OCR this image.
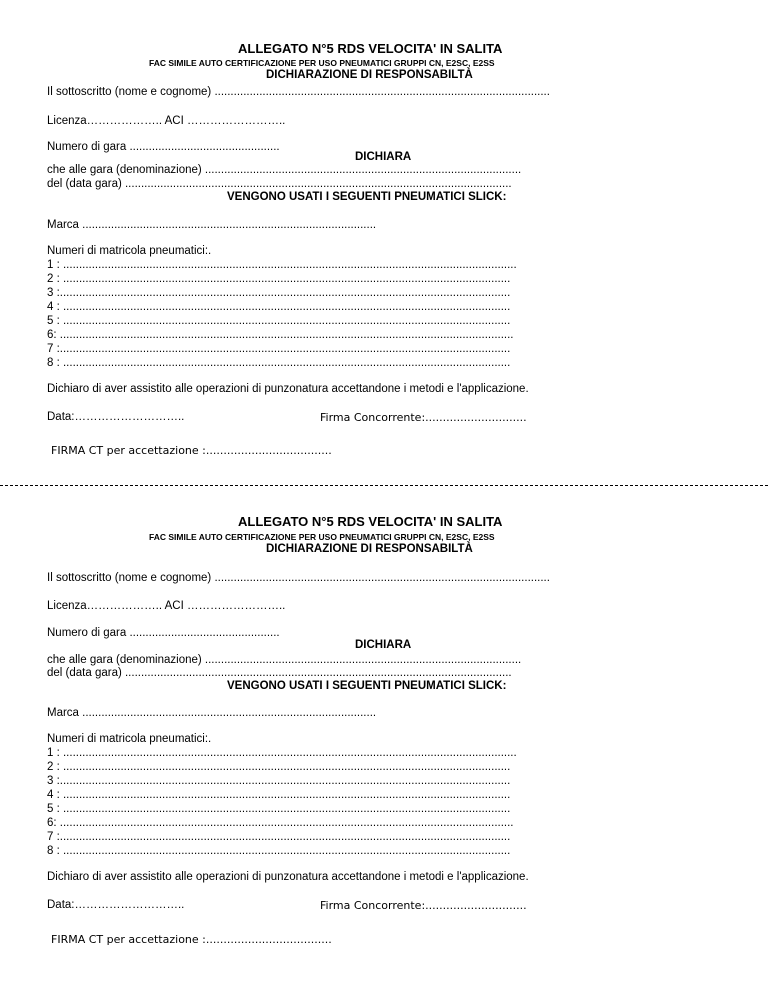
ALLEGATO N°5 RDS VELOCITA' IN SALITA
FAC SIMILE AUTO CERTIFICAZIONE PER USO PNEUMATICI GRUPPI CN, E2SC, E2SS
DICHIARAZIONE DI RESPONSABILTÀ
Il sottoscritto (nome e cognome) .........................................................................................................
Licenza……………….. ACI ……………………..
Numero di gara ...............................................
DICHIARA
che alle gara (denominazione) ...................................................................................................
del (data gara) .........................................................................................................................
VENGONO USATI I SEGUENTI PNEUMATICI SLICK:
Marca ............................................................................................
Numeri di matricola pneumatici:.
1 : ..............................................................................................................................................
2 : ............................................................................................................................................
3 :.............................................................................................................................................
4 : ............................................................................................................................................
5 : ............................................................................................................................................
6: ..............................................................................................................................................
7 :.............................................................................................................................................
8 : ............................................................................................................................................
Dichiaro di aver assistito alle operazioni di punzonatura accettandone i metodi e l'applicazione.
Data:………………………..	Firma Concorrente:.............................
FIRMA CT per accettazione :....................................
ALLEGATO N°5 RDS VELOCITA' IN SALITA
FAC SIMILE AUTO CERTIFICAZIONE PER USO PNEUMATICI GRUPPI CN, E2SC, E2SS
DICHIARAZIONE DI RESPONSABILTÀ
Il sottoscritto (nome e cognome) .........................................................................................................
Licenza……………….. ACI ……………………..
Numero di gara ...............................................
DICHIARA
che alle gara (denominazione) ...................................................................................................
del (data gara) .........................................................................................................................
VENGONO USATI I SEGUENTI PNEUMATICI SLICK:
Marca ............................................................................................
Numeri di matricola pneumatici:.
1 : ..............................................................................................................................................
2 : ............................................................................................................................................
3 :.............................................................................................................................................
4 : ............................................................................................................................................
5 : ............................................................................................................................................
6: ..............................................................................................................................................
7 :.............................................................................................................................................
8 : ............................................................................................................................................
Dichiaro di aver assistito alle operazioni di punzonatura accettandone i metodi e l'applicazione.
Data:………………………..	Firma Concorrente:.............................
FIRMA CT per accettazione :....................................
